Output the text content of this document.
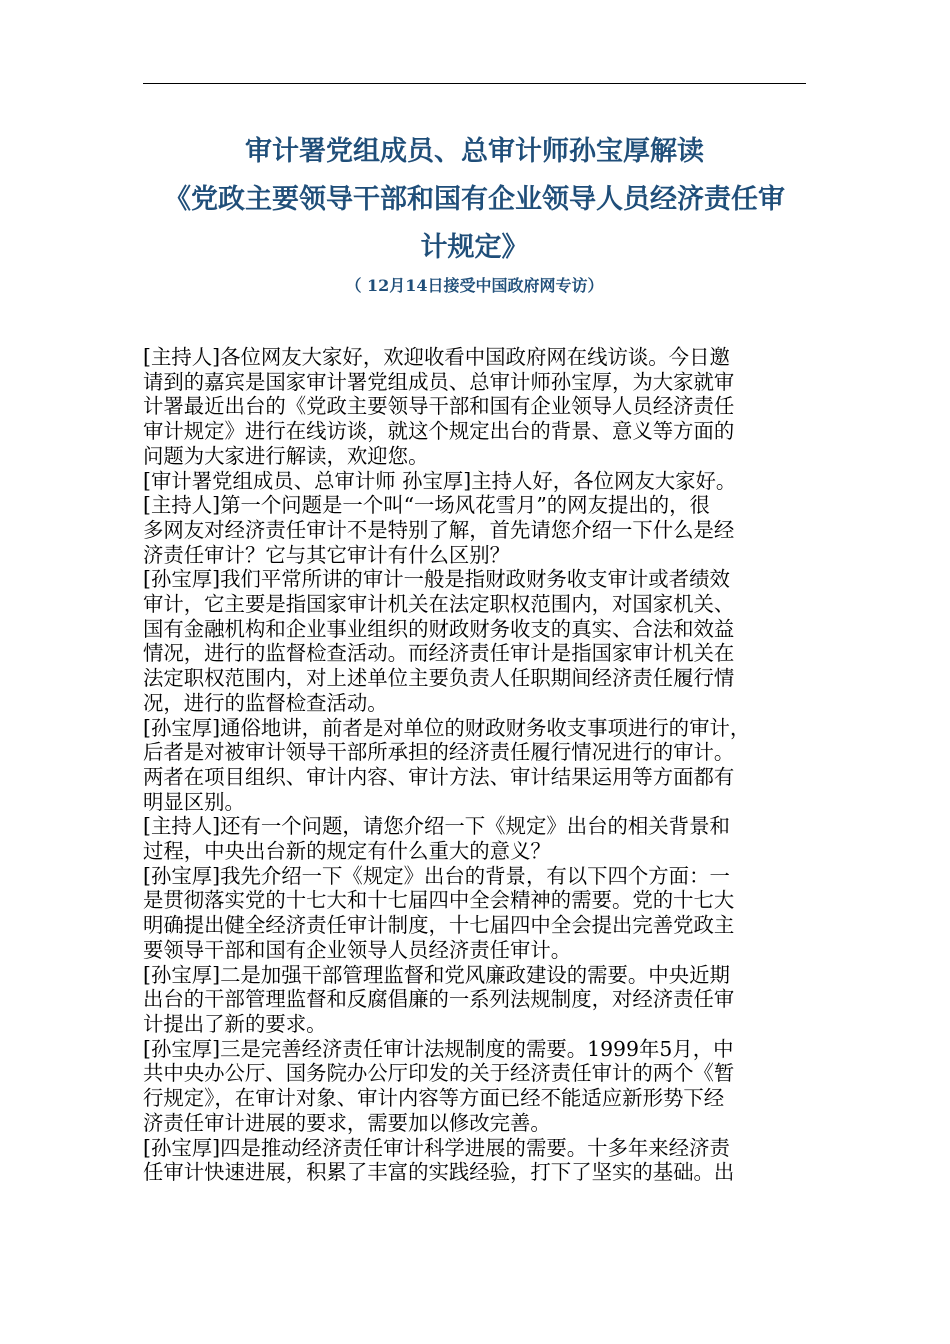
审计署党组成员、总审计师孙宝厚解读
《党政主要领导干部和国有企业领导人员经济责任审
计规定》
（ 12月14日接受中国政府网专访）
[主持人]各位网友大家好，欢迎收看中国政府网在线访谈。今日邀
请到的嘉宾是国家审计署党组成员、总审计师孙宝厚，为大家就审
计署最近出台的《党政主要领导干部和国有企业领导人员经济责任
审计规定》进行在线访谈，就这个规定出台的背景、意义等方面的
问题为大家进行解读，欢迎您。
[审计署党组成员、总审计师 孙宝厚]主持人好，各位网友大家好。
[主持人]第一个问题是一个叫“一场风花雪月”的网友提出的，很
多网友对经济责任审计不是特别了解，首先请您介绍一下什么是经
济责任审计？它与其它审计有什么区别？
[孙宝厚]我们平常所讲的审计一般是指财政财务收支审计或者绩效
审计，它主要是指国家审计机关在法定职权范围内，对国家机关、
国有金融机构和企业事业组织的财政财务收支的真实、合法和效益
情况，进行的监督检查活动。而经济责任审计是指国家审计机关在
法定职权范围内，对上述单位主要负责人任职期间经济责任履行情
况，进行的监督检查活动。
[孙宝厚]通俗地讲，前者是对单位的财政财务收支事项进行的审计，
后者是对被审计领导干部所承担的经济责任履行情况进行的审计。
两者在项目组织、审计内容、审计方法、审计结果运用等方面都有
明显区别。
[主持人]还有一个问题，请您介绍一下《规定》出台的相关背景和
过程，中央出台新的规定有什么重大的意义？
[孙宝厚]我先介绍一下《规定》出台的背景，有以下四个方面：一
是贯彻落实党的十七大和十七届四中全会精神的需要。党的十七大
明确提出健全经济责任审计制度，十七届四中全会提出完善党政主
要领导干部和国有企业领导人员经济责任审计。
[孙宝厚]二是加强干部管理监督和党风廉政建设的需要。中央近期
出台的干部管理监督和反腐倡廉的一系列法规制度，对经济责任审
计提出了新的要求。
[孙宝厚]三是完善经济责任审计法规制度的需要。1999年5月，中
共中央办公厅、国务院办公厅印发的关于经济责任审计的两个《暂
行规定》，在审计对象、审计内容等方面已经不能适应新形势下经
济责任审计进展的要求，需要加以修改完善。
[孙宝厚]四是推动经济责任审计科学进展的需要。十多年来经济责
任审计快速进展，积累了丰富的实践经验，打下了坚实的基础。出
